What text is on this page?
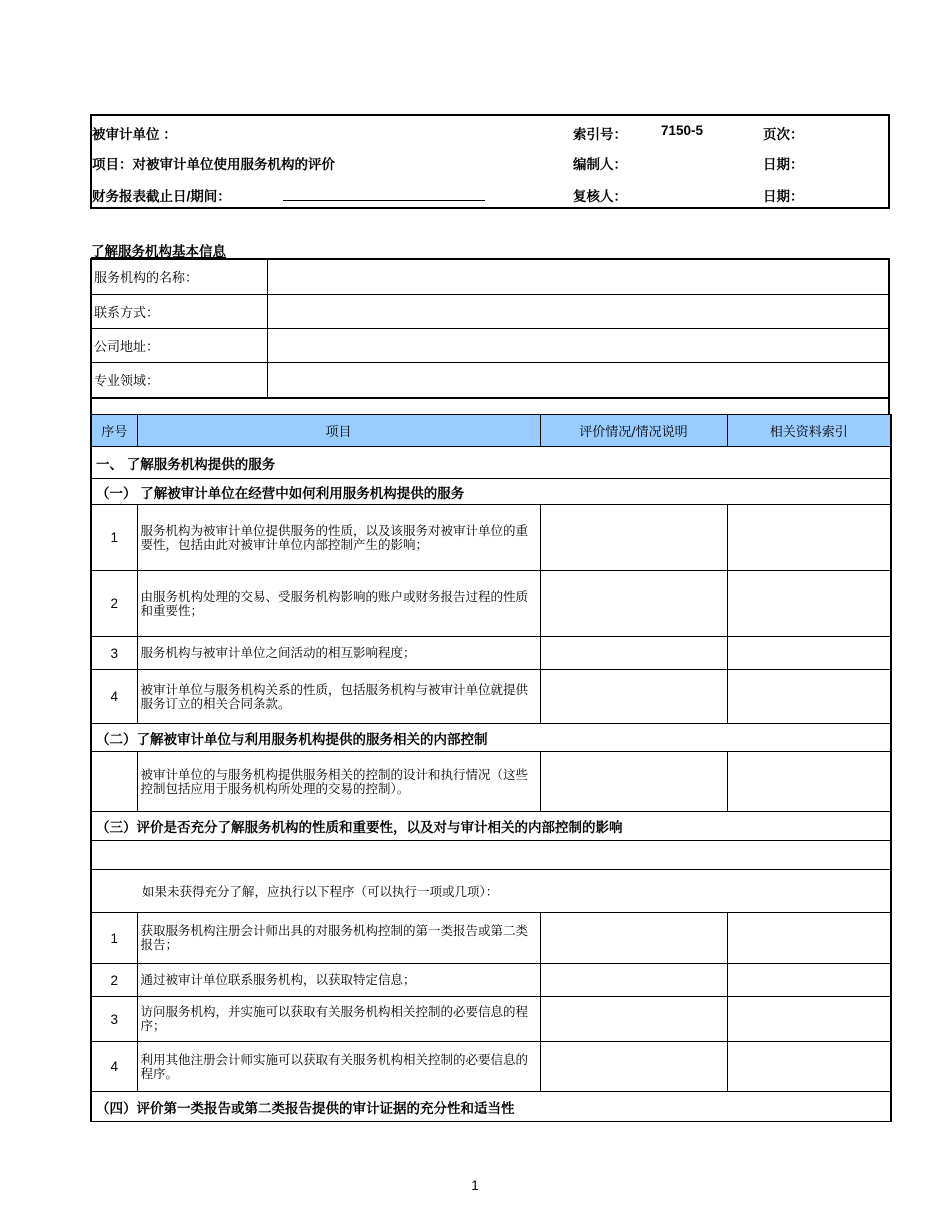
被审计单位 ：	索引号：	7150-5	页次：
项目：对被审计单位使用服务机构的评价	编制人：	日期：
财务报表截止日/期间：	复核人：	日期：
了解服务机构基本信息
服务机构的名称：	
联系方式：	
公司地址：	
专业领域：	
序号	项目	评价情况/情况说明	相关资料索引
一、 了解服务机构提供的服务			
（一） 了解被审计单位在经营中如何利用服务机构提供的服务			
1	服务机构为被审计单位提供服务的性质，以及该服务对被审计单位的重要性，包括由此对被审计单位内部控制产生的影响；		
2	由服务机构处理的交易、受服务机构影响的账户或财务报告过程的性质和重要性；		
3	服务机构与被审计单位之间活动的相互影响程度；		
4	被审计单位与服务机构关系的性质，包括服务机构与被审计单位就提供服务订立的相关合同条款。		
（二）了解被审计单位与利用服务机构提供的服务相关的内部控制			
	被审计单位的与服务机构提供服务相关的控制的设计和执行情况（这些控制包括应用于服务机构所处理的交易的控制）。		
（三）评价是否充分了解服务机构的性质和重要性，以及对与审计相关的内部控制的影响			

如果未获得充分了解，应执行以下程序（可以执行一项或几项）：			
1	获取服务机构注册会计师出具的对服务机构控制的第一类报告或第二类报告；		
2	通过被审计单位联系服务机构，以获取特定信息；		
3	访问服务机构，并实施可以获取有关服务机构相关控制的必要信息的程序；		
4	利用其他注册会计师实施可以获取有关服务机构相关控制的必要信息的程序。		
（四）评价第一类报告或第二类报告提供的审计证据的充分性和适当性			
1
